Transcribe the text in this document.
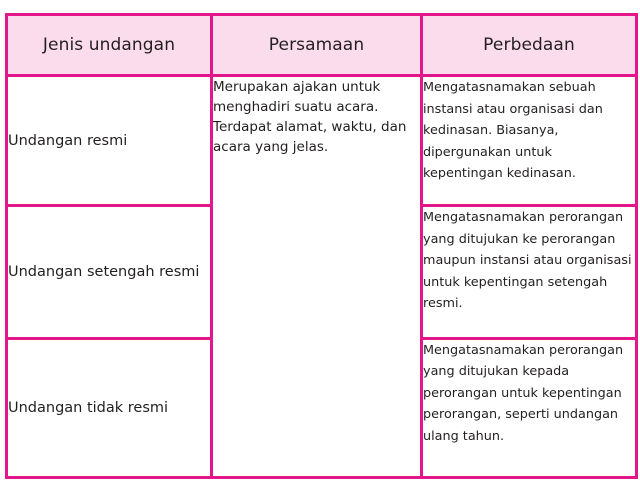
Jenis undangan	Persamaan	Perbedaan
Undangan resmi	Merupakan ajakan untuk menghadiri suatu acara. Terdapat alamat, waktu, dan acara yang jelas.	Mengatasnamakan sebuah instansi atau organisasi dan kedinasan. Biasanya, dipergunakan untuk kepentingan kedinasan.
Undangan setengah resmi		Mengatasnamakan perorangan yang ditujukan ke perorangan maupun instansi atau organisasi untuk kepentingan setengah resmi.
Undangan tidak resmi		Mengatasnamakan perorangan yang ditujukan kepada perorangan untuk kepentingan perorangan, seperti undangan ulang tahun.
